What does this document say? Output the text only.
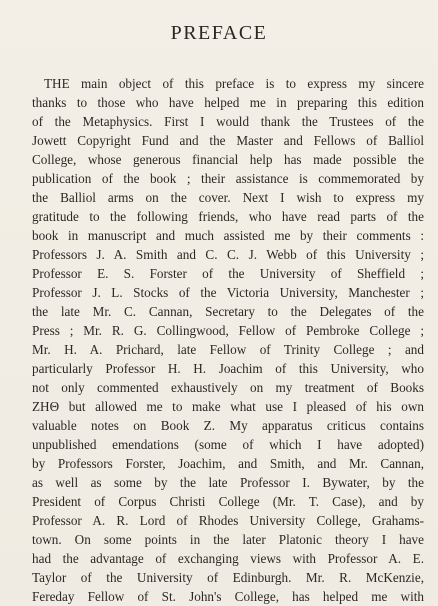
PREFACE
THE main object of this preface is to express my sincere
thanks to those who have helped me in preparing this edition
of the Metaphysics. First I would thank the Trustees of the
Jowett Copyright Fund and the Master and Fellows of Balliol
College, whose generous financial help has made possible the
publication of the book ; their assistance is commemorated by
the Balliol arms on the cover. Next I wish to express my
gratitude to the following friends, who have read parts of the
book in manuscript and much assisted me by their comments :
Professors J. A. Smith and C. C. J. Webb of this University ;
Professor E. S. Forster of the University of Sheffield ;
Professor J. L. Stocks of the Victoria University, Manchester ;
the late Mr. C. Cannan, Secretary to the Delegates of the
Press ; Mr. R. G. Collingwood, Fellow of Pembroke College ;
Mr. H. A. Prichard, late Fellow of Trinity College ; and
particularly Professor H. H. Joachim of this University, who
not only commented exhaustively on my treatment of Books
ZHΘ but allowed me to make what use I pleased of his own
valuable notes on Book Z. My apparatus criticus contains
unpublished emendations (some of which I have adopted)
by Professors Forster, Joachim, and Smith, and Mr. Cannan,
as well as some by the late Professor I. Bywater, by the
President of Corpus Christi College (Mr. T. Case), and by
Professor A. R. Lord of Rhodes University College, Grahams-
town. On some points in the later Platonic theory I have
had the advantage of exchanging views with Professor A. E.
Taylor of the University of Edinburgh. Mr. R. McKenzie,
Fereday Fellow of St. John's College, has helped me with
